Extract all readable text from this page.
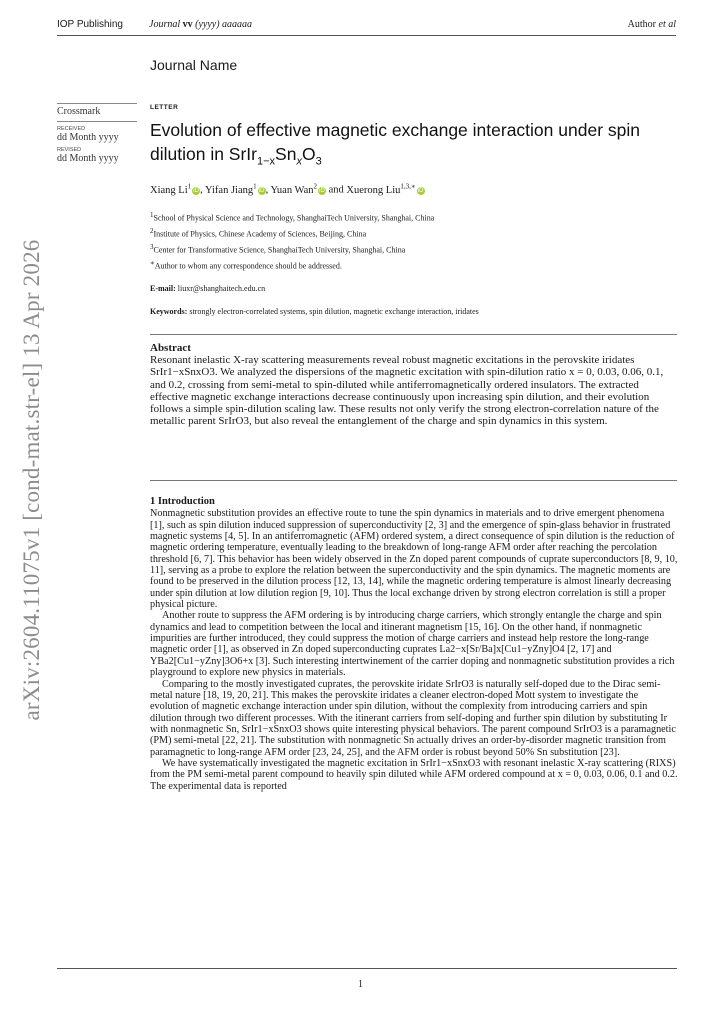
IOP Publishing	Journal vv (yyyy) aaaaaa	Author et al
Journal Name
Crossmark
RECEIVED
dd Month yyyy
REVISED
dd Month yyyy
arXiv:2604.11075v1 [cond-mat.str-el] 13 Apr 2026
LETTER
Evolution of effective magnetic exchange interaction under spin
dilution in $SrIr_{1-x}Sn_xO_3$
Xiang Li$^1$iD, Yifan Jiang$^1$iD, Yuan Wan$^2$iD and Xuerong Liu$^{1,3,∗}$iD
$^1$School of Physical Science and Technology, ShanghaiTech University, Shanghai, China
$^2$Institute of Physics, Chinese Academy of Sciences, Beijing, China
$^3$Center for Transformative Science, ShanghaiTech University, Shanghai, China
∗Author to whom any correspondence should be addressed.
E-mail: liuxr@shanghaitech.edu.cn
Keywords: strongly electron-correlated systems, spin dilution, magnetic exchange interaction, iridates
Abstract
Resonant inelastic X-ray scattering measurements reveal robust magnetic excitations in the perovskite iridates SrIr1−xSnxO3. We analyzed the dispersions of the magnetic excitation with spin-dilution ratio x = 0, 0.03, 0.06, 0.1, and 0.2, crossing from semi-metal to spin-diluted while antiferromagnetically ordered insulators. The extracted effective magnetic exchange interactions decrease continuously upon increasing spin dilution, and their evolution follows a simple spin-dilution scaling law. These results not only verify the strong electron-correlation nature of the metallic parent SrIrO3, but also reveal the entanglement of the charge and spin dynamics in this system.
1 Introduction

Nonmagnetic substitution provides an effective route to tune the spin dynamics in materials and to drive emergent phenomena [1], such as spin dilution induced suppression of superconductivity [2, 3] and the emergence of spin-glass behavior in frustrated magnetic systems [4, 5]. In an antiferromagnetic (AFM) ordered system, a direct consequence of spin dilution is the reduction of magnetic ordering temperature, eventually leading to the breakdown of long-range AFM order after reaching the percolation threshold [6, 7]. This behavior has been widely observed in the Zn doped parent compounds of cuprate superconductors [8, 9, 10, 11], serving as a probe to explore the relation between the superconductivity and the spin dynamics. The magnetic moments are found to be preserved in the dilution process [12, 13, 14], while the magnetic ordering temperature is almost linearly decreasing under spin dilution at low dilution region [9, 10]. Thus the local exchange driven by strong electron correlation is still a proper physical picture.

Another route to suppress the AFM ordering is by introducing charge carriers, which strongly entangle the charge and spin dynamics and lead to competition between the local and itinerant magnetism [15, 16]. On the other hand, if nonmagnetic impurities are further introduced, they could suppress the motion of charge carriers and instead help restore the long-range magnetic order [1], as observed in Zn doped superconducting cuprates La2−x[Sr/Ba]x[Cu1−yZny]O4 [2, 17] and YBa2[Cu1−yZny]3O6+x [3]. Such interesting intertwinement of the carrier doping and nonmagnetic substitution provides a rich playground to explore new physics in materials.

Comparing to the mostly investigated cuprates, the perovskite iridate SrIrO3 is naturally self-doped due to the Dirac semi-metal nature [18, 19, 20, 21]. This makes the perovskite iridates a cleaner electron-doped Mott system to investigate the evolution of magnetic exchange interaction under spin dilution, without the complexity from introducing carriers and spin dilution through two different processes. With the itinerant carriers from self-doping and further spin dilution by substituting Ir with nonmagnetic Sn, SrIr1−xSnxO3 shows quite interesting physical behaviors. The parent compound SrIrO3 is a paramagnetic (PM) semi-metal [22, 21]. The substitution with nonmagnetic Sn actually drives an order-by-disorder magnetic transition from paramagnetic to long-range AFM order [23, 24, 25], and the AFM order is robust beyond 50% Sn substitution [23].

We have systematically investigated the magnetic excitation in SrIr1−xSnxO3 with resonant inelastic X-ray scattering (RIXS) from the PM semi-metal parent compound to heavily spin diluted while AFM ordered compound at x = 0, 0.03, 0.06, 0.1 and 0.2. The experimental data is reported

1
